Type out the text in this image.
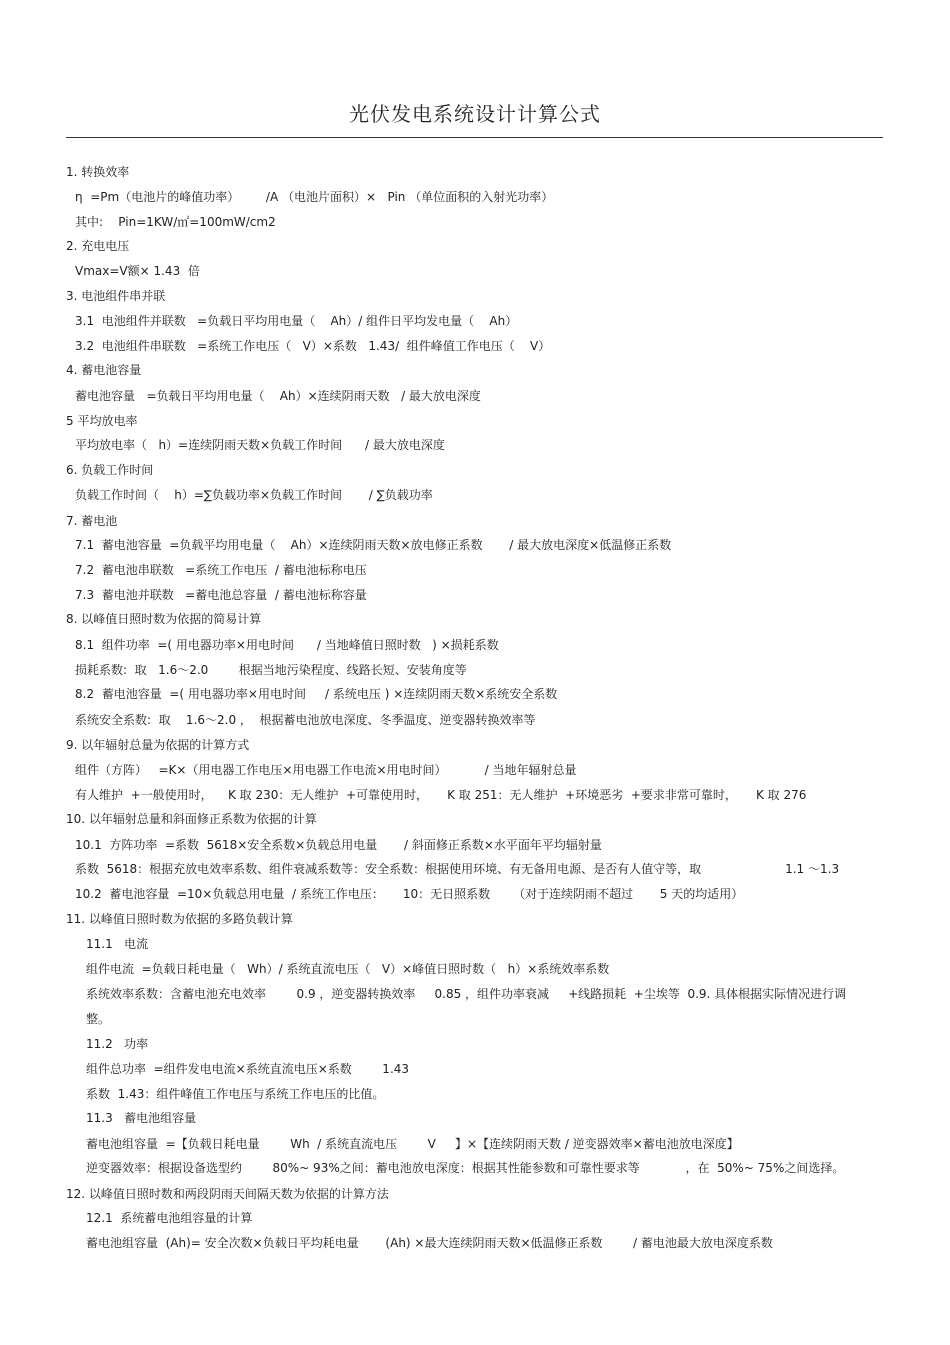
光伏发电系统设计计算公式
1. 转换效率
η  =Pm（电池片的峰值功率）       /A （电池片面积）×   Pin （单位面积的入射光功率）
其中:    Pin=1KW/㎡=100mW/cm2
2. 充电电压
Vmax=V额× 1.43  倍
3. 电池组件串并联
3.1  电池组件并联数   =负载日平均用电量（    Ah）/ 组件日平均发电量（    Ah）
3.2  电池组件串联数   =系统工作电压（   V）×系数   1.43/  组件峰值工作电压（    V）
4. 蓄电池容量
蓄电池容量   =负载日平均用电量（    Ah）×连续阴雨天数   / 最大放电深度
5 平均放电率
平均放电率（   h）=连续阴雨天数×负载工作时间      / 最大放电深度
6. 负载工作时间
负载工作时间（    h）=∑负载功率×负载工作时间       / ∑负载功率
7. 蓄电池
7.1  蓄电池容量  =负载平均用电量（    Ah）×连续阴雨天数×放电修正系数       / 最大放电深度×低温修正系数
7.2  蓄电池串联数   =系统工作电压  / 蓄电池标称电压
7.3  蓄电池并联数   =蓄电池总容量  / 蓄电池标称容量
8. 以峰值日照时数为依据的简易计算
8.1  组件功率  =( 用电器功率×用电时间      / 当地峰值日照时数   ) ×损耗系数
损耗系数:  取   1.6～2.0        根据当地污染程度、线路长短、安装角度等
8.2  蓄电池容量  =( 用电器功率×用电时间     / 系统电压 ) ×连续阴雨天数×系统安全系数
系统安全系数:  取    1.6～2.0 ，  根据蓄电池放电深度、冬季温度、逆变器转换效率等
9. 以年辐射总量为依据的计算方式
组件（方阵）   =K×（用电器工作电压×用电器工作电流×用电时间）          / 当地年辐射总量
有人维护  +一般使用时，    K 取 230：无人维护  +可靠使用时，     K 取 251：无人维护  +环境恶劣  +要求非常可靠时，     K 取 276
10. 以年辐射总量和斜面修正系数为依据的计算
10.1  方阵功率  =系数  5618×安全系数×负载总用电量       / 斜面修正系数×水平面年平均辐射量
系数  5618：根据充放电效率系数、组件衰减系数等：安全系数：根据使用环境、有无备用电源、是否有人值守等，取                      1.1 ～1.3
10.2  蓄电池容量  =10×负载总用电量  / 系统工作电压：     10：无日照系数      （对于连续阴雨不超过       5 天的均适用）
11. 以峰值日照时数为依据的多路负载计算
11.1   电流
组件电流  =负载日耗电量（   Wh）/ 系统直流电压（   V）×峰值日照时数（   h）×系统效率系数
系统效率系数：含蓄电池充电效率        0.9 ，逆变器转换效率     0.85 ，组件功率衰减     +线路损耗  +尘埃等  0.9. 具体根据实际情况进行调
整。
11.2   功率
组件总功率  =组件发电电流×系统直流电压×系数        1.43
系数  1.43：组件峰值工作电压与系统工作电压的比值。
11.3   蓄电池组容量
蓄电池组容量  =【负载日耗电量        Wh  / 系统直流电压        V     】×【连续阴雨天数 / 逆变器效率×蓄电池放电深度】
逆变器效率：根据设备选型约        80%~ 93%之间：蓄电池放电深度：根据其性能参数和可靠性要求等            ，在  50%~ 75%之间选择。
12. 以峰值日照时数和两段阴雨天间隔天数为依据的计算方法
12.1  系统蓄电池组容量的计算
蓄电池组容量  (Ah)= 安全次数×负载日平均耗电量       (Ah) ×最大连续阴雨天数×低温修正系数        / 蓄电池最大放电深度系数
